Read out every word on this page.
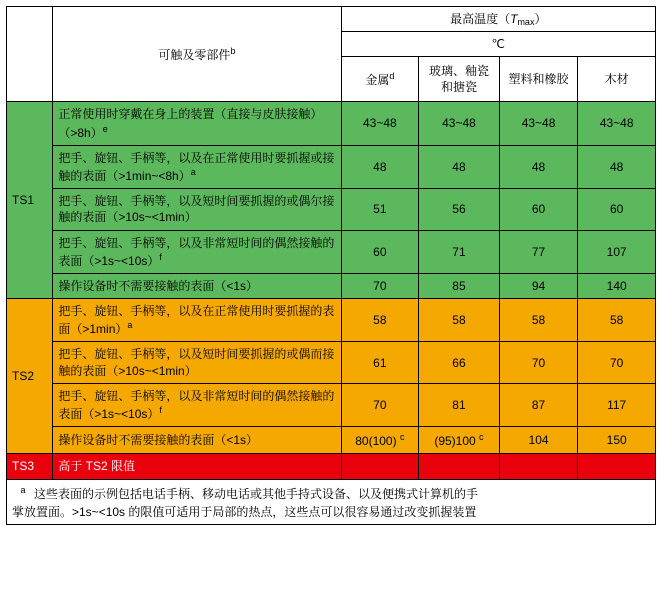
	可触及零部件$^b$	最高温度$(T_{max})$			
		℃			
		金属$^d$	玻璃、釉瓷和搪瓷	塑料和橡胶	木材
TS1	正常使用时穿戴在身上的装置（直接与皮肤接触）（>8h）$^e$	43~48	43~48	43~48	43~48
	把手、旋钮、手柄等，以及在正常使用时要抓握或接触的表面（>1min~<8h）$^a$	48	48	48	48
	把手、旋钮、手柄等，以及短时间要抓握的或偶尔接触的表面（>10s~<1min）	51	56	60	60
	把手、旋钮、手柄等，以及非常短时间的偶然接触的表面（>1s~<10s）$^f$	60	71	77	107
	操作设备时不需要接触的表面（<1s）	70	85	94	140
TS2	把手、旋钮、手柄等，以及在正常使用时要抓握的表面（>1min）$^a$	58	58	58	58
	把手、旋钮、手柄等，以及短时间要抓握的或偶而接触的表面（>10s~<1min）	61	66	70	70
	把手、旋钮、手柄等，以及非常短时间的偶然接触的表面（>1s~<10s）$^f$	70	81	87	117
	操作设备时不需要接触的表面（<1s）	80(100) $^c$	(95)100 $^c$	104	150
TS3	高于 TS2 限值				
a 这些表面的示例包括电话手柄、移动电话或其他手持式设备、以及便携式计算机的手
掌放置面。>1s~<10s 的限值可适用于局部的热点，这些点可以很容易通过改变抓握装置					
